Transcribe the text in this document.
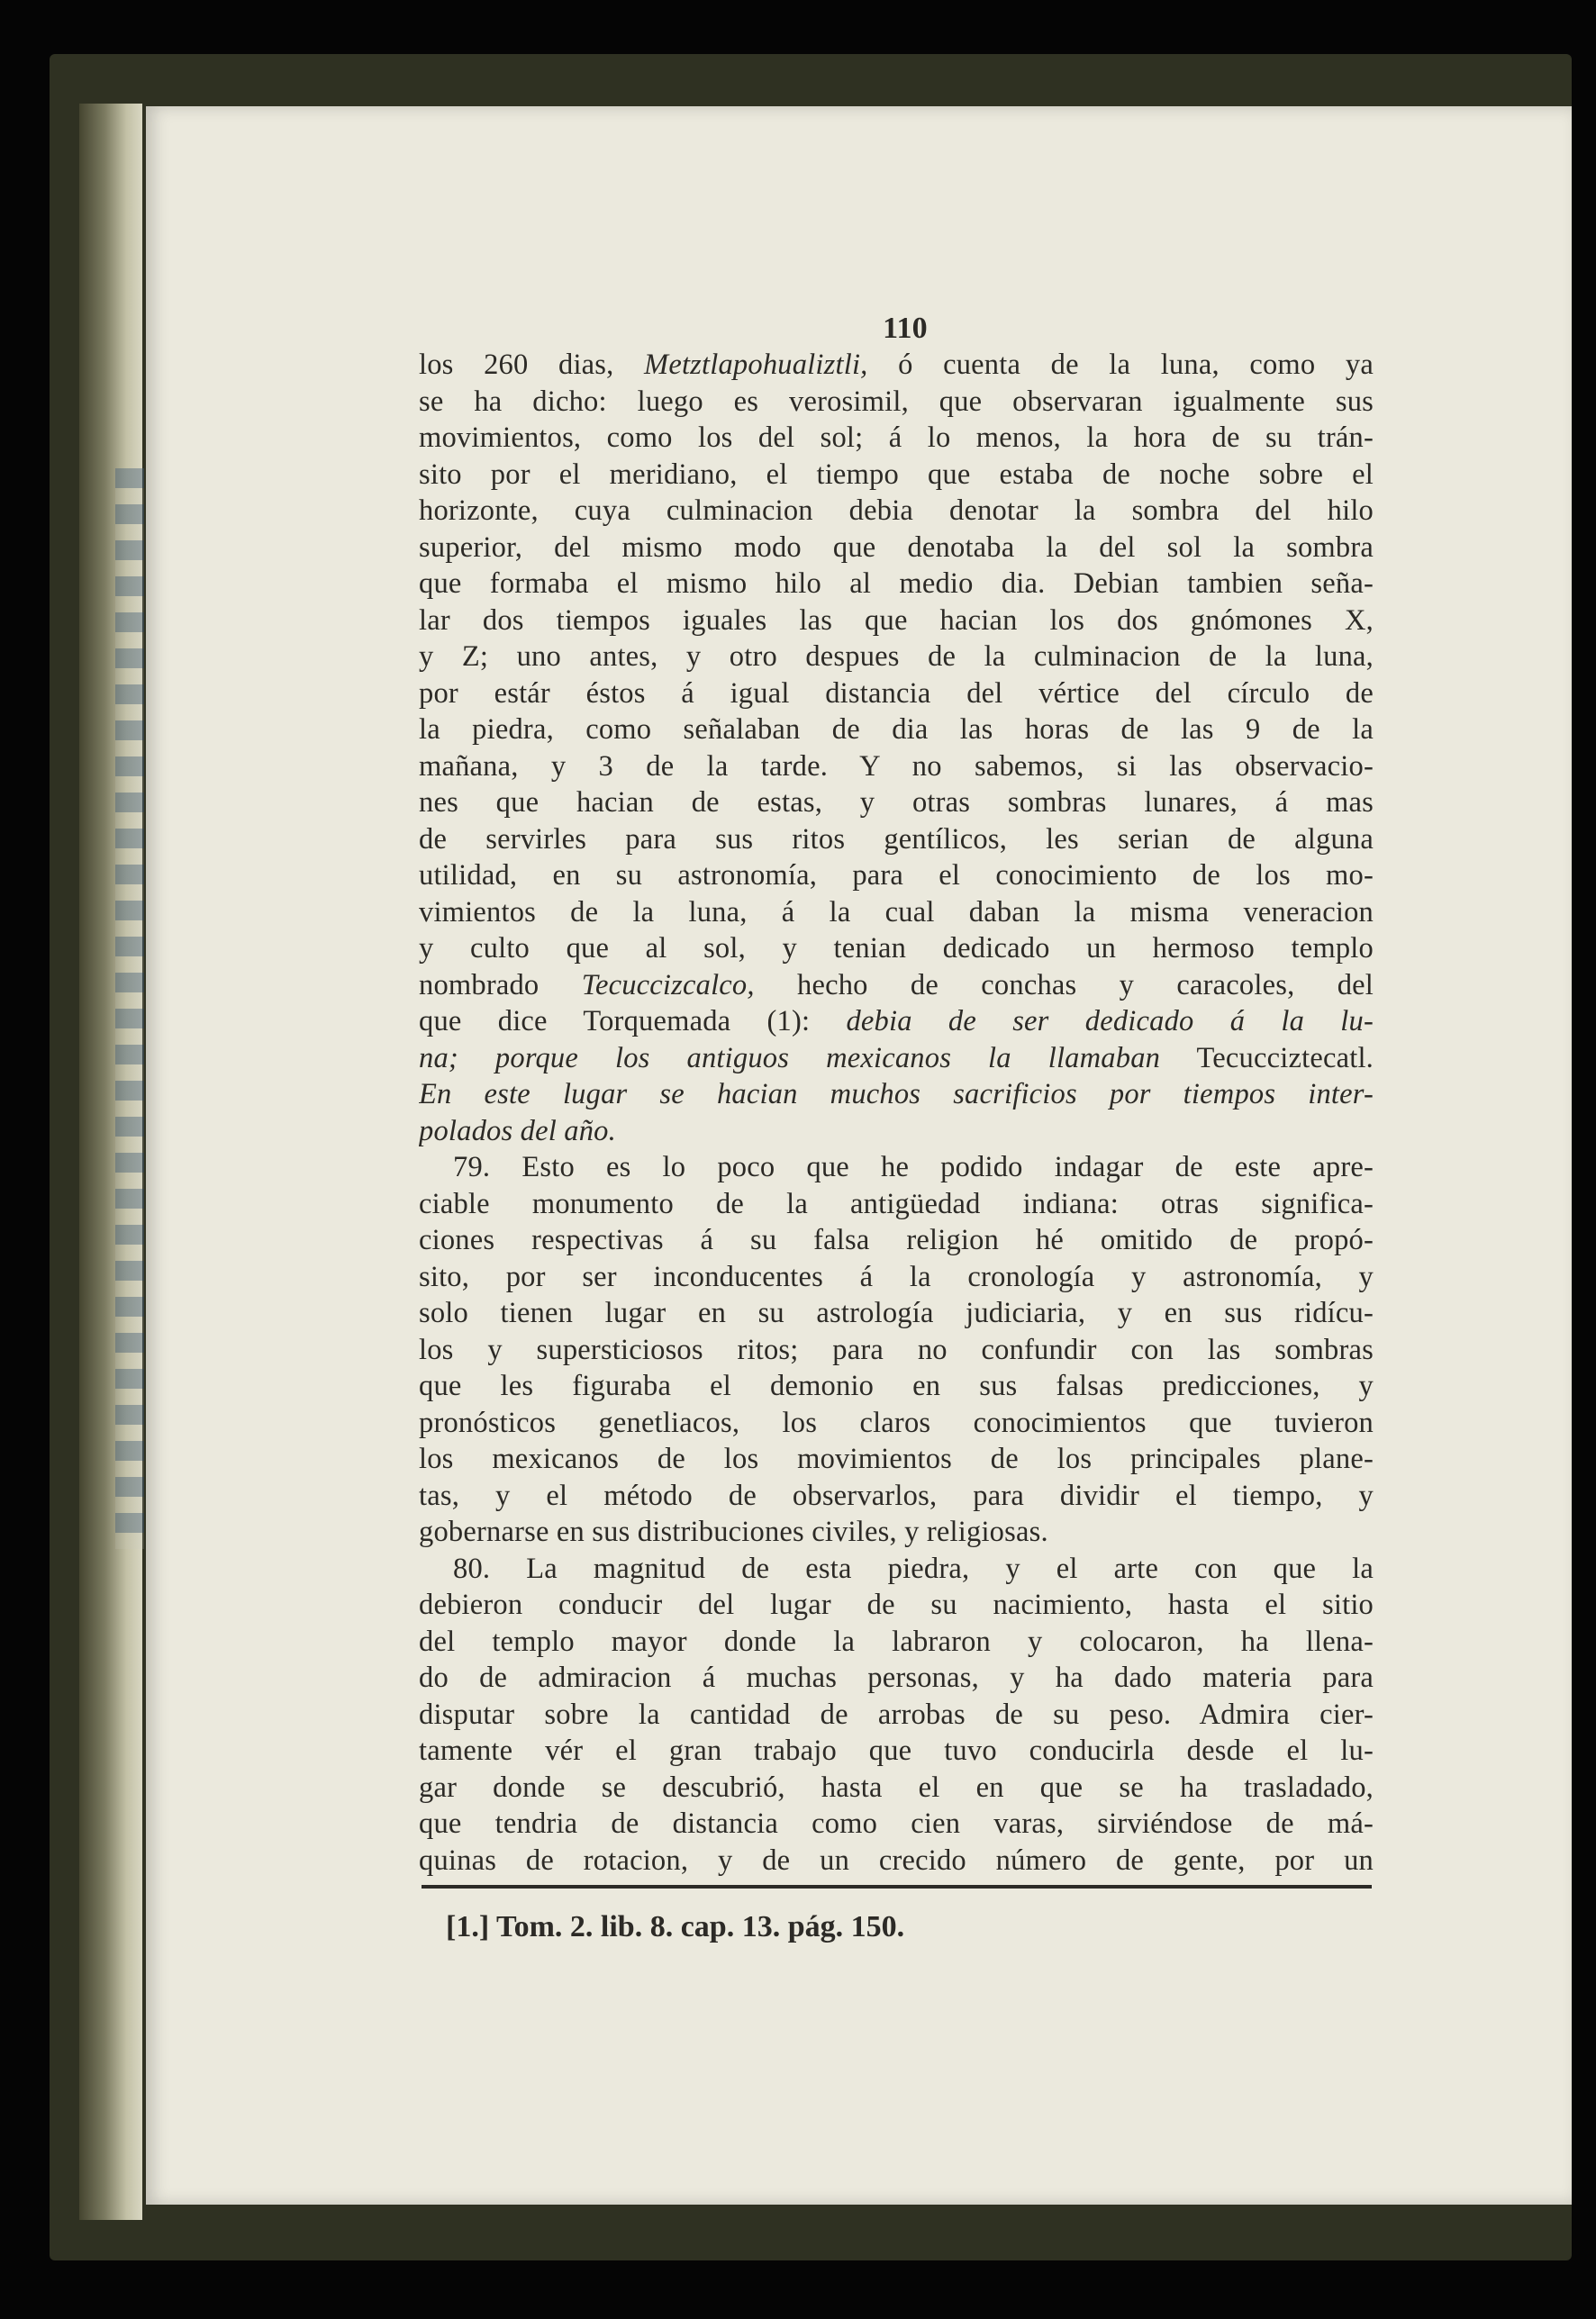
110
los 260 dias, Metztlapohualiztli, ó cuenta de la luna, como ya
se ha dicho: luego es verosimil, que observaran igualmente sus
movimientos, como los del sol; á lo menos, la hora de su trán-
sito por el meridiano, el tiempo que estaba de noche sobre el
horizonte, cuya culminacion debia denotar la sombra del hilo
superior, del mismo modo que denotaba la del sol la sombra
que formaba el mismo hilo al medio dia. Debian tambien seña-
lar dos tiempos iguales las que hacian los dos gnómones X,
y Z; uno antes, y otro despues de la culminacion de la luna,
por estár éstos á igual distancia del vértice del círculo de
la piedra, como señalaban de dia las horas de las 9 de la
mañana, y 3 de la tarde. Y no sabemos, si las observacio-
nes que hacian de estas, y otras sombras lunares, á mas
de servirles para sus ritos gentílicos, les serian de alguna
utilidad, en su astronomía, para el conocimiento de los mo-
vimientos de la luna, á la cual daban la misma veneracion
y culto que al sol, y tenian dedicado un hermoso templo
nombrado Tecuccizcalco, hecho de conchas y caracoles, del
que dice Torquemada (1): debia de ser dedicado á la lu-
na; porque los antiguos mexicanos la llamaban Tecucciztecatl.
En este lugar se hacian muchos sacrificios por tiempos inter-
polados del año.
79. Esto es lo poco que he podido indagar de este apre-
ciable monumento de la antigüedad indiana: otras significa-
ciones respectivas á su falsa religion hé omitido de propó-
sito, por ser inconducentes á la cronología y astronomía, y
solo tienen lugar en su astrología judiciaria, y en sus ridícu-
los y supersticiosos ritos; para no confundir con las sombras
que les figuraba el demonio en sus falsas predicciones, y
pronósticos genetliacos, los claros conocimientos que tuvieron
los mexicanos de los movimientos de los principales plane-
tas, y el método de observarlos, para dividir el tiempo, y
gobernarse en sus distribuciones civiles, y religiosas.
80. La magnitud de esta piedra, y el arte con que la
debieron conducir del lugar de su nacimiento, hasta el sitio
del templo mayor donde la labraron y colocaron, ha llena-
do de admiracion á muchas personas, y ha dado materia para
disputar sobre la cantidad de arrobas de su peso. Admira cier-
tamente vér el gran trabajo que tuvo conducirla desde el lu-
gar donde se descubrió, hasta el en que se ha trasladado,
que tendria de distancia como cien varas, sirviéndose de má-
quinas de rotacion, y de un crecido número de gente, por un
[1.] Tom. 2. lib. 8. cap. 13. pág. 150.
